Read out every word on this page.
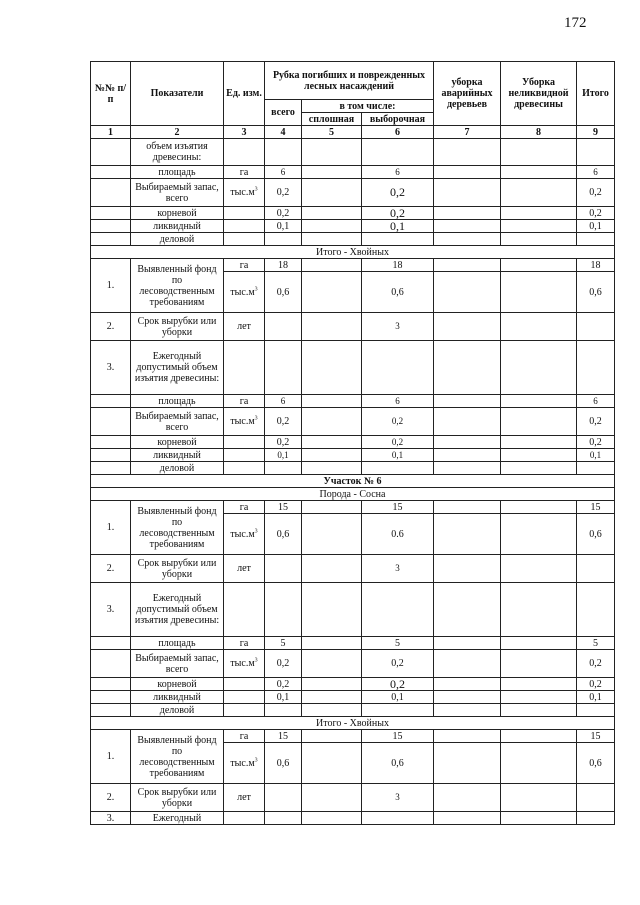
172
№№ п/п	Показатели	Ед. изм.	Рубка погибших и поврежденных лесных насаждений			уборка аварийных деревьев	Уборка неликвидной древесины	Итого
			всего	в том числе:				
				сплошная	выборочная			
1	2	3	4	5	6	7	8	9
	объем изъятия древесины:							
	площадь	га	6		6			6
	Выбираемый запас, всего	$тыс.м^3$	0,2		0,2			0,2
	корневой		0,2		0,2			0,2
	ликвидный		0,1		0,1			0,1
	деловой							
Итого - Хвойных								
1.	Выявленный фонд по лесоводственным требованиям	га	18		18			18
		$тыс.м^3$	0,6		0,6			0,6

2.	Срок вырубки или уборки	лет			3			
3.	Ежегодный допустимый объем изъятия древесины:							
	площадь	га	6		6			6
	Выбираемый запас, всего	$тыс.м^3$	0,2		0,2			0,2
	корневой		0,2		0,2			0,2
	ликвидный		0,1		0,1			0,1
	деловой							
Участок № 6								
Порода - Сосна								
1.	Выявленный фонд по лесоводственным требованиям	га	15		15			15
		$тыс.м^3$	0,6		0.6			0,6
2.	Срок вырубки или уборки	лет			3			
3.	Ежегодный допустимый объем изъятия древесины:							
	площадь	га	5		5			5
	Выбираемый запас, всего	$тыс.м^3$	0,2		0,2			0,2
	корневой		0,2		0,2			0,2
	ликвидный		0,1		0,1			0,1
	деловой							
Итого - Хвойных								
1.	Выявленный фонд по лесоводственным требованиям	га	15		15			15
		$тыс.м^3$	0,6		0,6			0,6
2.	Срок вырубки или уборки	лет			3			
3.	Ежегодный							
